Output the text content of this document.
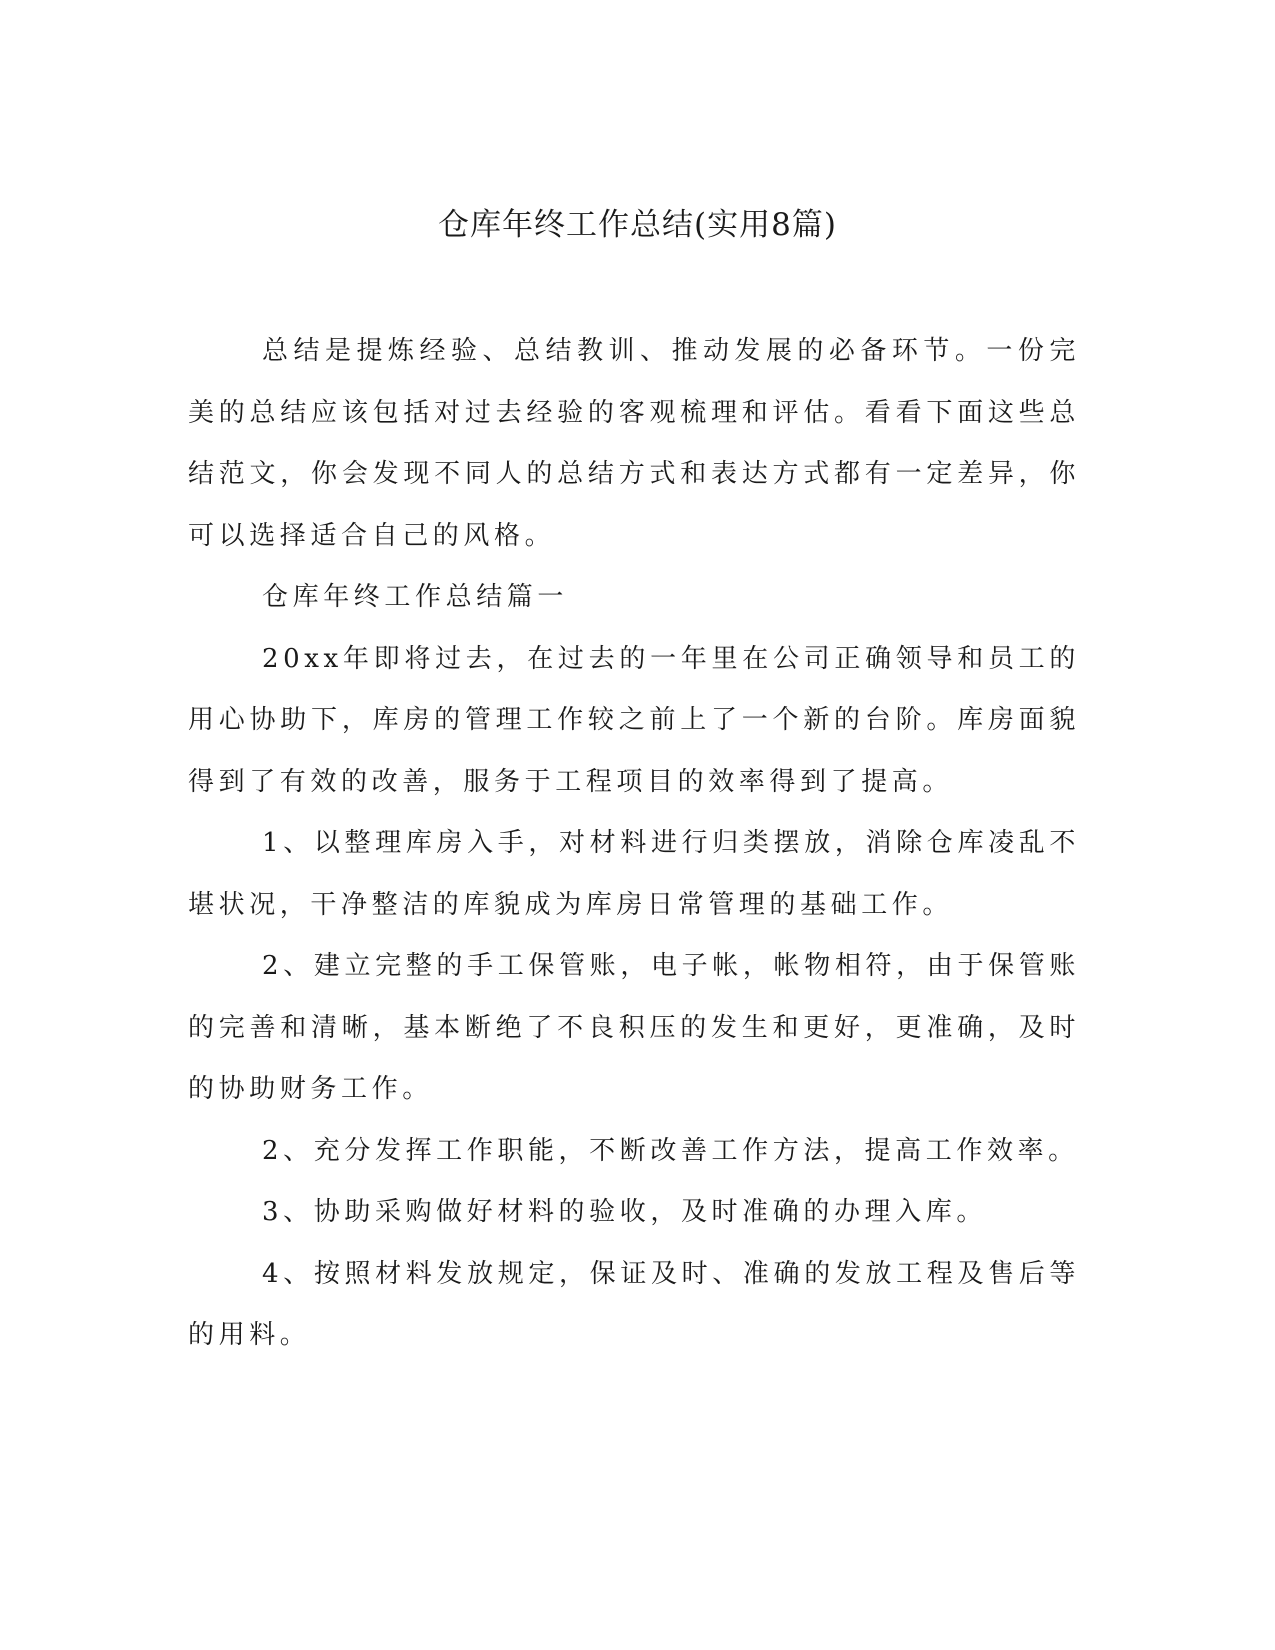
仓库年终工作总结(实用8篇)

总结是提炼经验、总结教训、推动发展的必备环节。一份完美的总结应该包括对过去经验的客观梳理和评估。看看下面这些总结范文，你会发现不同人的总结方式和表达方式都有一定差异，你可以选择适合自己的风格。

仓库年终工作总结篇一

20xx年即将过去，在过去的一年里在公司正确领导和员工的用心协助下，库房的管理工作较之前上了一个新的台阶。库房面貌得到了有效的改善，服务于工程项目的效率得到了提高。

1、以整理库房入手，对材料进行归类摆放，消除仓库凌乱不堪状况，干净整洁的库貌成为库房日常管理的基础工作。

2、建立完整的手工保管账，电子帐，帐物相符，由于保管账的完善和清晰，基本断绝了不良积压的发生和更好，更准确，及时的协助财务工作。

2、充分发挥工作职能，不断改善工作方法，提高工作效率。

3、协助采购做好材料的验收，及时准确的办理入库。

4、按照材料发放规定，保证及时、准确的发放工程及售后等的用料。
